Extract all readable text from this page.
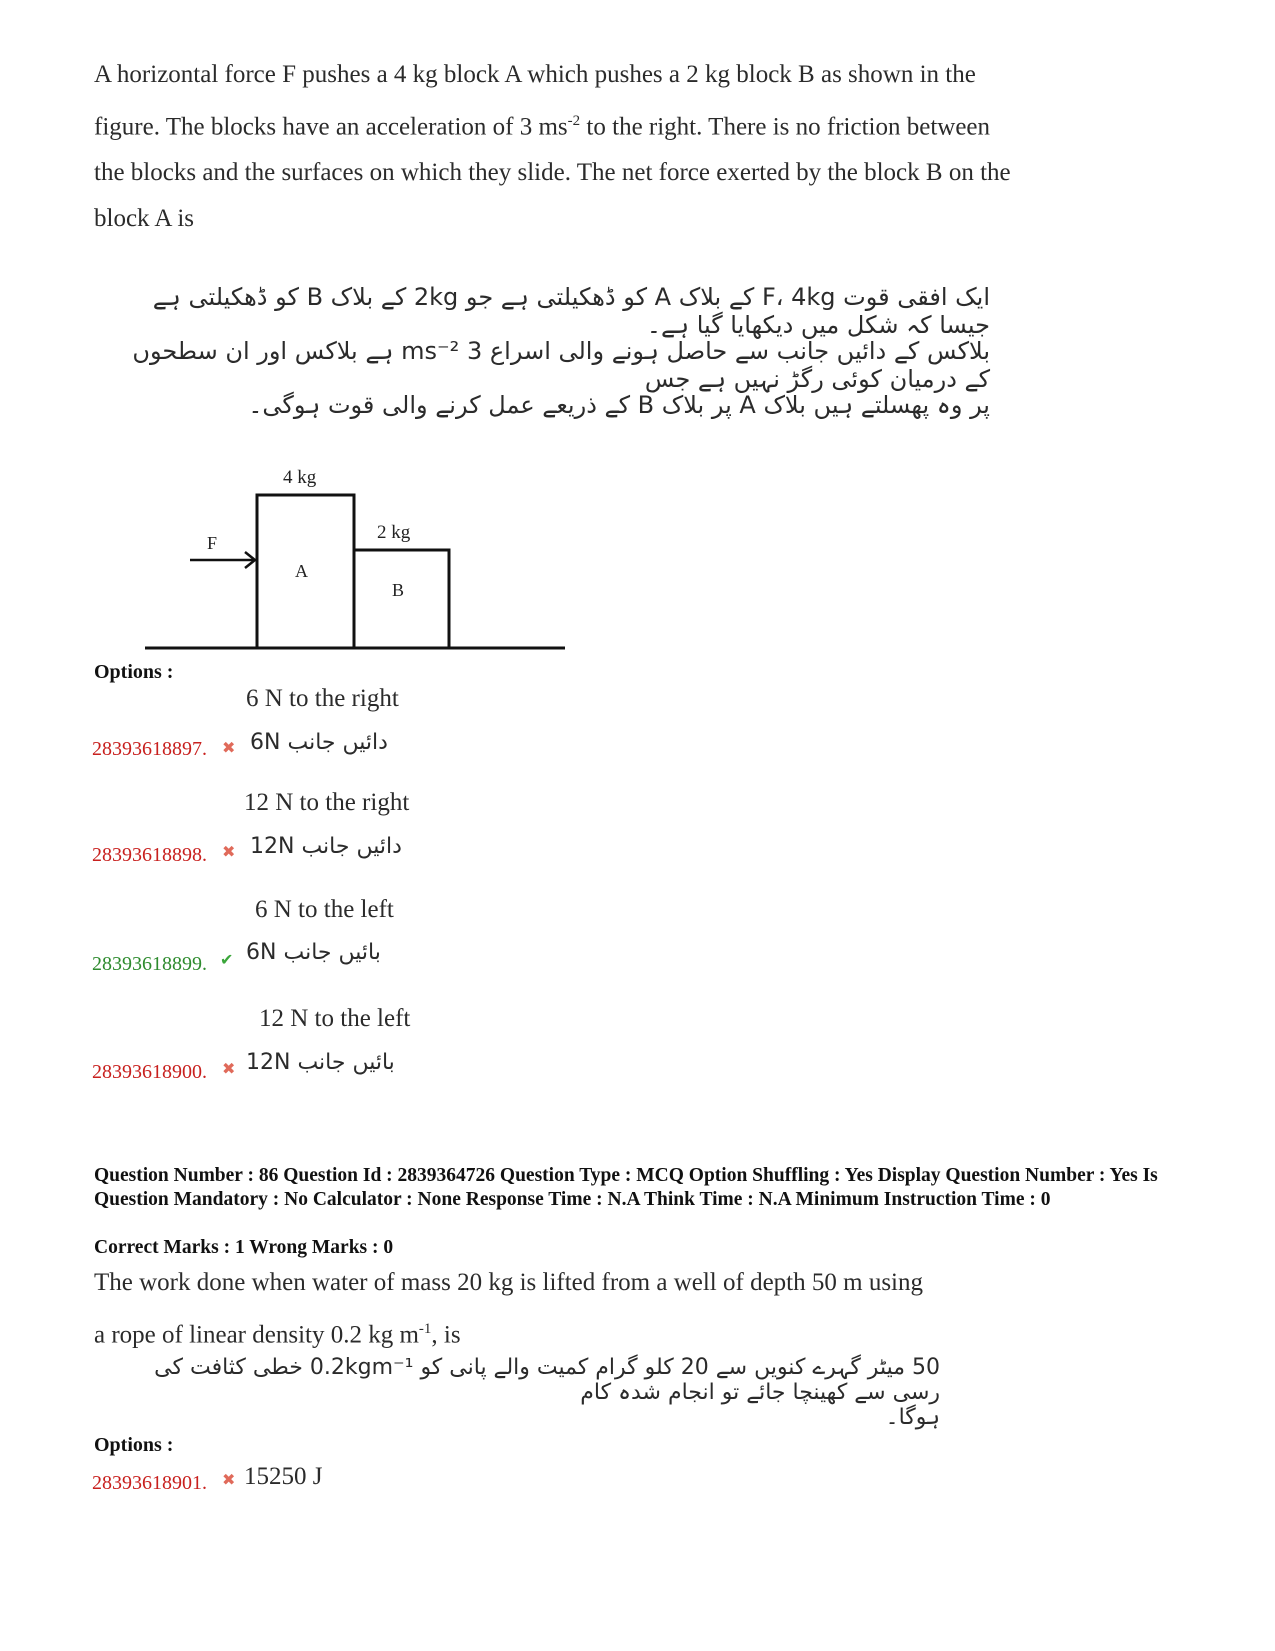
A horizontal force F pushes a 4 kg block A which pushes a 2 kg block B as shown in the figure. The blocks have an acceleration of 3 $ms^{-2}$ to the right. There is no friction between the blocks and the surfaces on which they slide. The net force exerted by the block B on the block A is
ایک افقی قوت F، 4kg کے بلاک A کو ڈھکیلتی ہے جو 2kg کے بلاک B کو ڈھکیلتی ہے جیسا کہ شکل میں دیکھایا گیا ہے۔
بلاکس کے دائیں جانب سے حاصل ہونے والی اسراع 3 ms⁻² ہے بلاکس اور ان سطحوں کے درمیان کوئی رگڑ نہیں ہے جس
پر وہ پھسلتے ہیں بلاک A پر بلاک B کے ذریعے عمل کرنے والی قوت ہوگی۔
4 kg
2 kg
A
B
F
Options :
6 N to the right
28393618897. ✖ دائیں جانب 6N
12 N to the right
28393618898. ✖ دائیں جانب 12N
6 N to the left
28393618899. ✔ بائیں جانب 6N
12 N to the left
28393618900. ✖ بائیں جانب 12N
Question Number : 86 Question Id : 2839364726 Question Type : MCQ Option Shuffling : Yes Display Question Number : Yes Is Question Mandatory : No Calculator : None Response Time : N.A Think Time : N.A Minimum Instruction Time : 0
Correct Marks : 1 Wrong Marks : 0
The work done when water of mass 20 kg is lifted from a well of depth 50 m using
a rope of linear density 0.2 kg $m^{-1}$, is
50 میٹر گہرے کنویں سے 20 کلو گرام کمیت والے پانی کو 0.2kgm⁻¹ خطی کثافت کی رسی سے کھینچا جائے تو انجام شدہ کام
ہوگا۔
Options :
28393618901. ✖ 15250 J
